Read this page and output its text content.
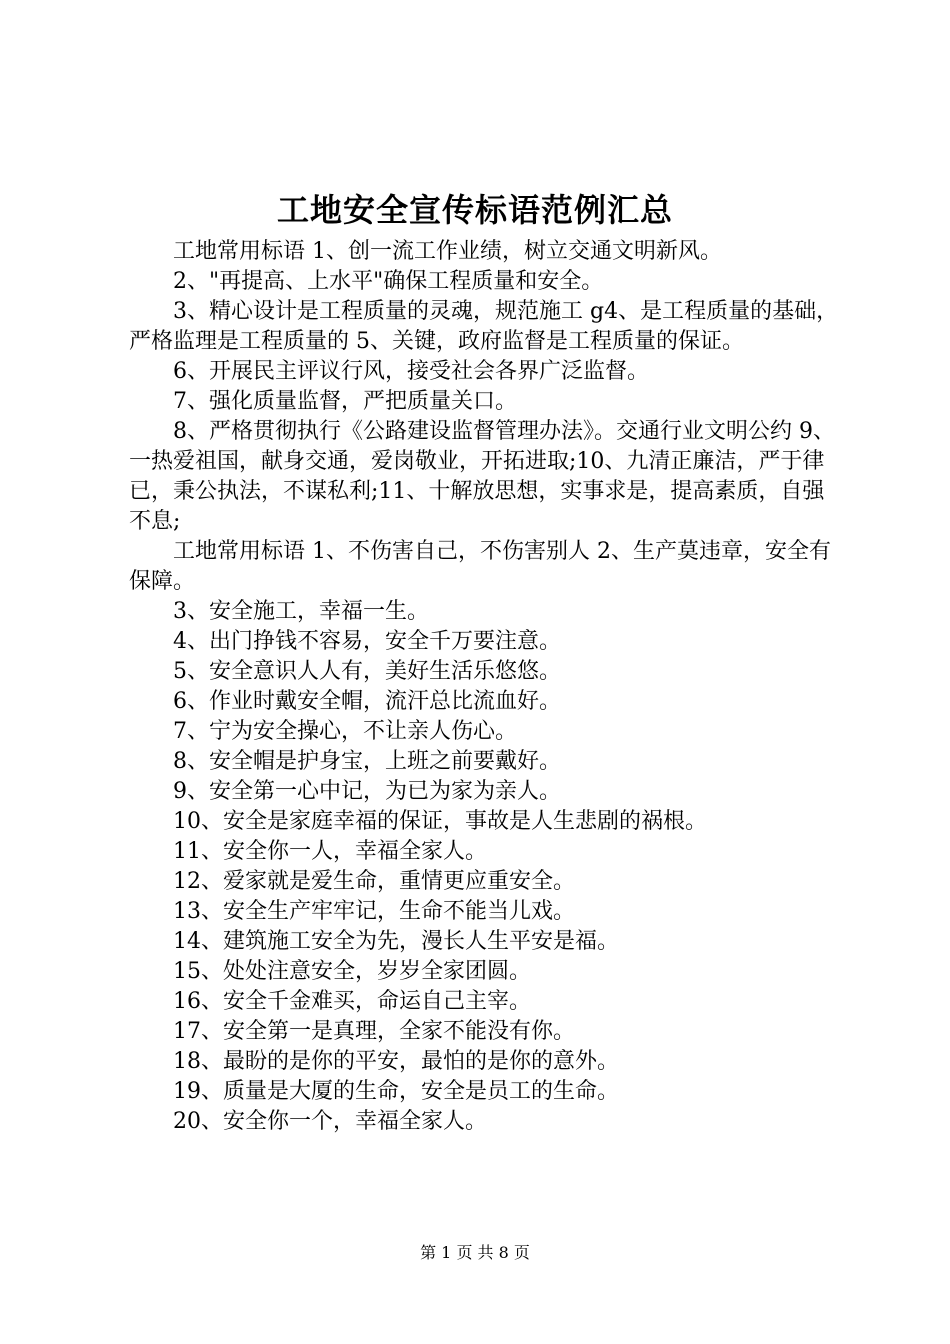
工地安全宣传标语范例汇总

工地常用标语 1、创一流工作业绩，树立交通文明新风。

2、"再提高、上水平"确保工程质量和安全。

3、精心设计是工程质量的灵魂，规范施工 g4、是工程质量的基础，严格监理是工程质量的 5、关键，政府监督是工程质量的保证。

6、开展民主评议行风，接受社会各界广泛监督。

7、强化质量监督，严把质量关口。

8、严格贯彻执行《公路建设监督管理办法》。交通行业文明公约 9、一热爱祖国，献身交通，爱岗敬业，开拓进取;10、九清正廉洁，严于律已，秉公执法，不谋私利;11、十解放思想，实事求是，提高素质，自强不息;

工地常用标语 1、不伤害自己，不伤害别人 2、生产莫违章，安全有保障。

3、安全施工，幸福一生。

4、出门挣钱不容易，安全千万要注意。

5、安全意识人人有，美好生活乐悠悠。

6、作业时戴安全帽，流汗总比流血好。

7、宁为安全操心，不让亲人伤心。

8、安全帽是护身宝，上班之前要戴好。

9、安全第一心中记，为已为家为亲人。

10、安全是家庭幸福的保证，事故是人生悲剧的祸根。

11、安全你一人，幸福全家人。

12、爱家就是爱生命，重情更应重安全。

13、安全生产牢牢记，生命不能当儿戏。

14、建筑施工安全为先，漫长人生平安是福。

15、处处注意安全，岁岁全家团圆。

16、安全千金难买，命运自己主宰。

17、安全第一是真理，全家不能没有你。

18、最盼的是你的平安，最怕的是你的意外。

19、质量是大厦的生命，安全是员工的生命。

20、安全你一个，幸福全家人。

第 1 页 共 8 页
